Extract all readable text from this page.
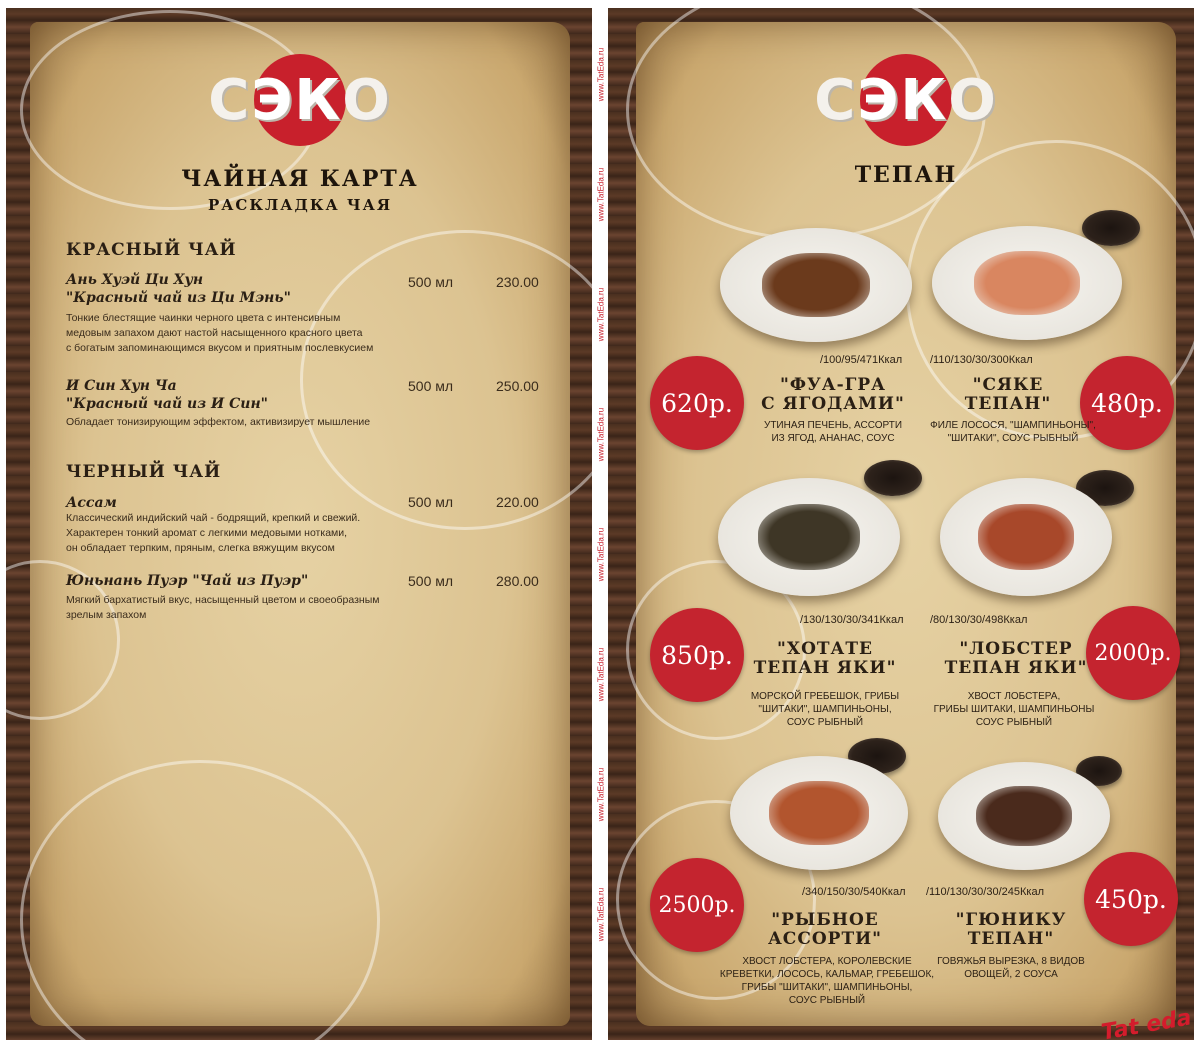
СЭКО
ЧАЙНАЯ КАРТА
РАСКЛАДКА ЧАЯ
КРАСНЫЙ ЧАЙ
Ань Хуэй Ци Хун
"Красный чай из Ци Мэнь"
500 мл	230.00
Тонкие блестящие чаинки черного цвета с интенсивным
медовым запахом дают настой насыщенного красного цвета
с богатым запоминающимся вкусом и приятным послевкусием
И Син Хун Ча
"Красный чай из И Син"
500 мл	250.00
Обладает тонизирующим эффектом, активизирует мышление
ЧЕРНЫЙ ЧАЙ
Ассам	500 мл	220.00
Классический индийский чай - бодрящий, крепкий и свежий.
Характерен тонкий аромат с легкими медовыми нотками,
он обладает терпким, пряным, слегка вяжущим вкусом
Юньнань Пуэр "Чай из Пуэр"	500 мл	280.00
Мягкий бархатистый вкус, насыщенный цветом и своеобразным
зрелым запахом
www.TatEda.ru
www.TatEda.ru
www.TatEda.ru
www.TatEda.ru
www.TatEda.ru
www.TatEda.ru
www.TatEda.ru
www.TatEda.ru
СЭКО
ТЕПАН
/100/95/471Ккал
620р.
"ФУА-ГРА
С ЯГОДАМИ"
УТИНАЯ ПЕЧЕНЬ, АССОРТИ
ИЗ ЯГОД, АНАНАС, СОУС
/110/130/30/300Ккал
480р.
"СЯКЕ
ТЕПАН"
ФИЛЕ ЛОСОСЯ, "ШАМПИНЬОНЫ",
"ШИТАКИ", СОУС РЫБНЫЙ
/130/130/30/341Ккал
850р.	"ХОТАТЕ
ТЕПАН ЯКИ"
МОРСКОЙ ГРЕБЕШОК, ГРИБЫ
"ШИТАКИ", ШАМПИНЬОНЫ,
СОУС РЫБНЫЙ
/80/130/30/498Ккал
2000р.
"ЛОБСТЕР
ТЕПАН ЯКИ"
ХВОСТ ЛОБСТЕРА,
ГРИБЫ ШИТАКИ, ШАМПИНЬОНЫ
СОУС РЫБНЫЙ
/340/150/30/540Ккал
2500р.
"РЫБНОЕ
АССОРТИ"
ХВОСТ ЛОБСТЕРА, КОРОЛЕВСКИЕ
КРЕВЕТКИ, ЛОСОСЬ, КАЛЬМАР, ГРЕБЕШОК,
ГРИБЫ "ШИТАКИ", ШАМПИНЬОНЫ,
СОУС РЫБНЫЙ
/110/130/30/30/245Ккал	450р.
"ГЮНИКУ
ТЕПАН"
ГОВЯЖЬЯ ВЫРЕЗКА, 8 ВИДОВ
ОВОЩЕЙ, 2 СОУСА
Tat eda
